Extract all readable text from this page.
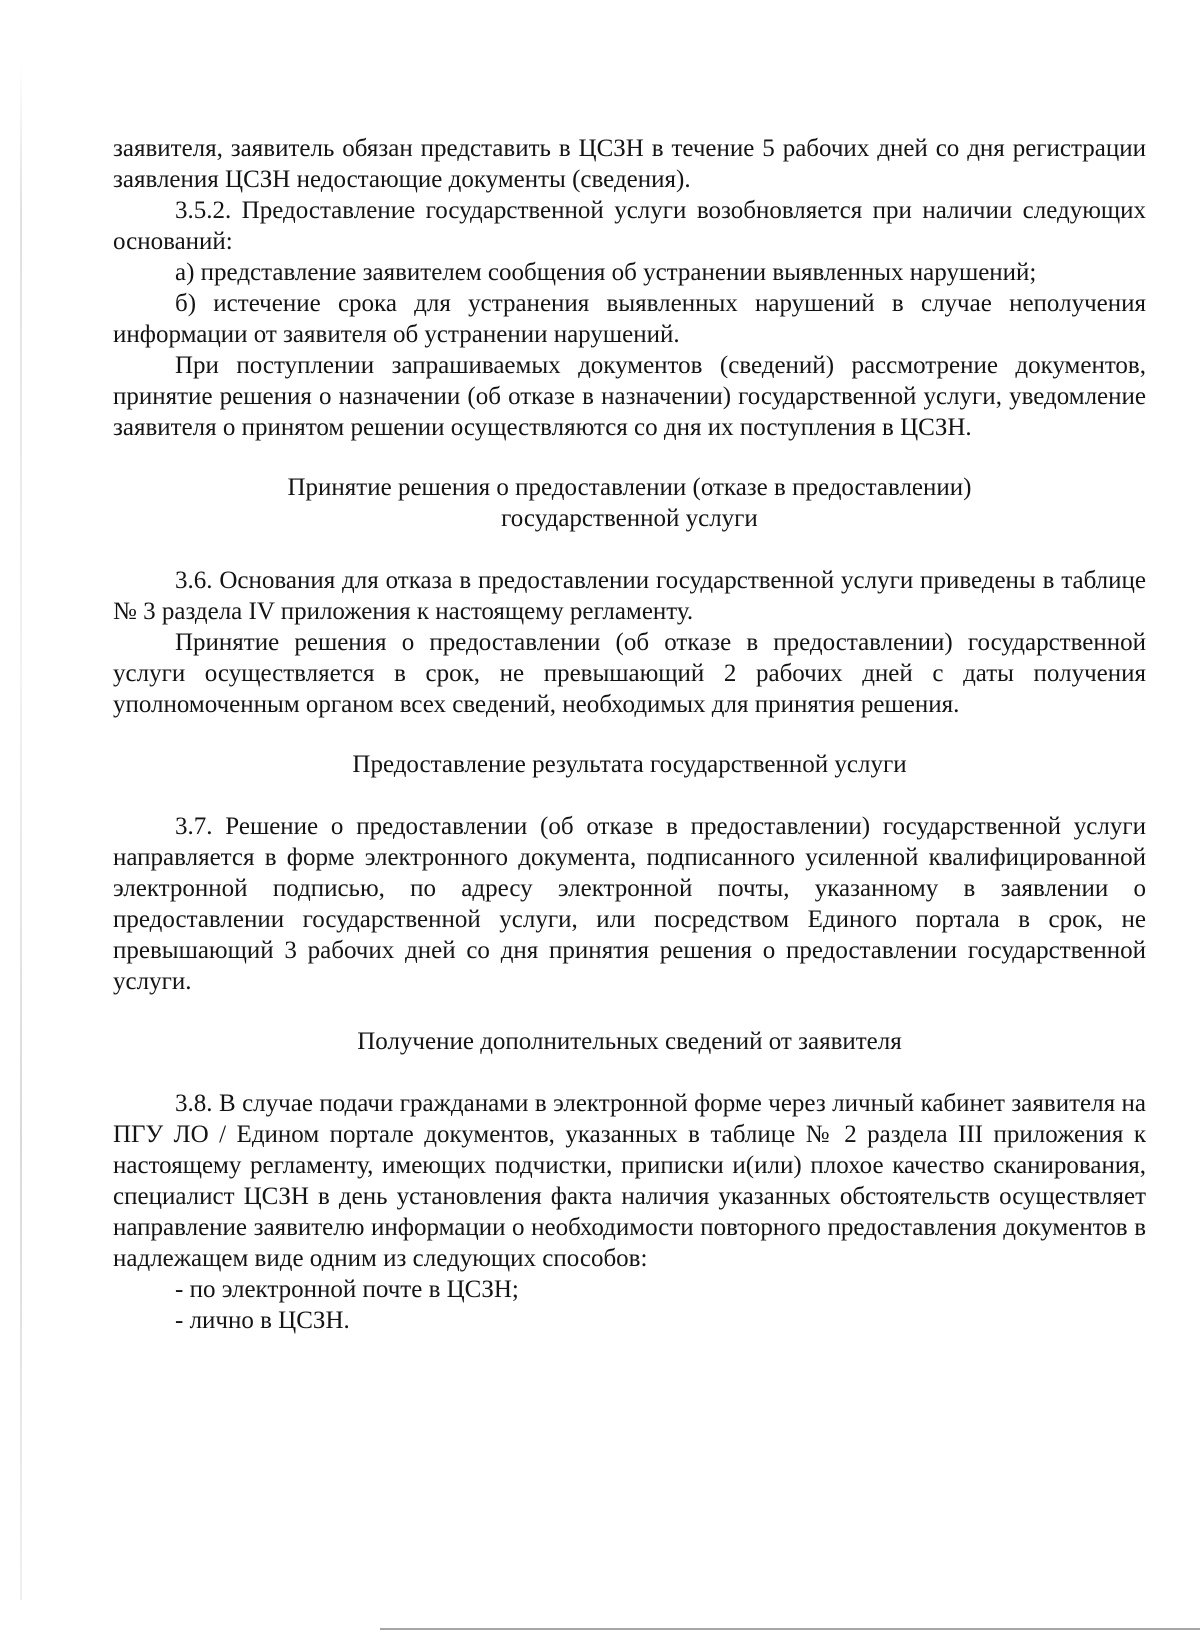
заявителя, заявитель обязан представить в ЦСЗН в течение 5 рабочих дней со дня регистрации заявления ЦСЗН недостающие документы (сведения).

3.5.2. Предоставление государственной услуги возобновляется при наличии следующих оснований:

а) представление заявителем сообщения об устранении выявленных нарушений;

б) истечение срока для устранения выявленных нарушений в случае неполучения информации от заявителя об устранении нарушений.

При поступлении запрашиваемых документов (сведений) рассмотрение документов, принятие решения о назначении (об отказе в назначении) государственной услуги, уведомление заявителя о принятом решении осуществляются со дня их поступления в ЦСЗН.

Принятие решения о предоставлении (отказе в предоставлении)

государственной услуги

3.6. Основания для отказа в предоставлении государственной услуги приведены в таблице № 3 раздела IV приложения к настоящему регламенту.

Принятие решения о предоставлении (об отказе в предоставлении) государственной услуги осуществляется в срок, не превышающий 2 рабочих дней с даты получения уполномоченным органом всех сведений, необходимых для принятия решения.

Предоставление результата государственной услуги

3.7. Решение о предоставлении (об отказе в предоставлении) государственной услуги направляется в форме электронного документа, подписанного усиленной квалифицированной электронной подписью, по адресу электронной почты, указанному в заявлении о предоставлении государственной услуги, или посредством Единого портала в срок, не превышающий 3 рабочих дней со дня принятия решения о предоставлении государственной услуги.

Получение дополнительных сведений от заявителя

3.8. В случае подачи гражданами в электронной форме через личный кабинет заявителя на ПГУ ЛО / Едином портале документов, указанных в таблице № 2 раздела III приложения к настоящему регламенту, имеющих подчистки, приписки и(или) плохое качество сканирования, специалист ЦСЗН в день установления факта наличия указанных обстоятельств осуществляет направление заявителю информации о необходимости повторного предоставления документов в надлежащем виде одним из следующих способов:

- по электронной почте в ЦСЗН;

- лично в ЦСЗН.
